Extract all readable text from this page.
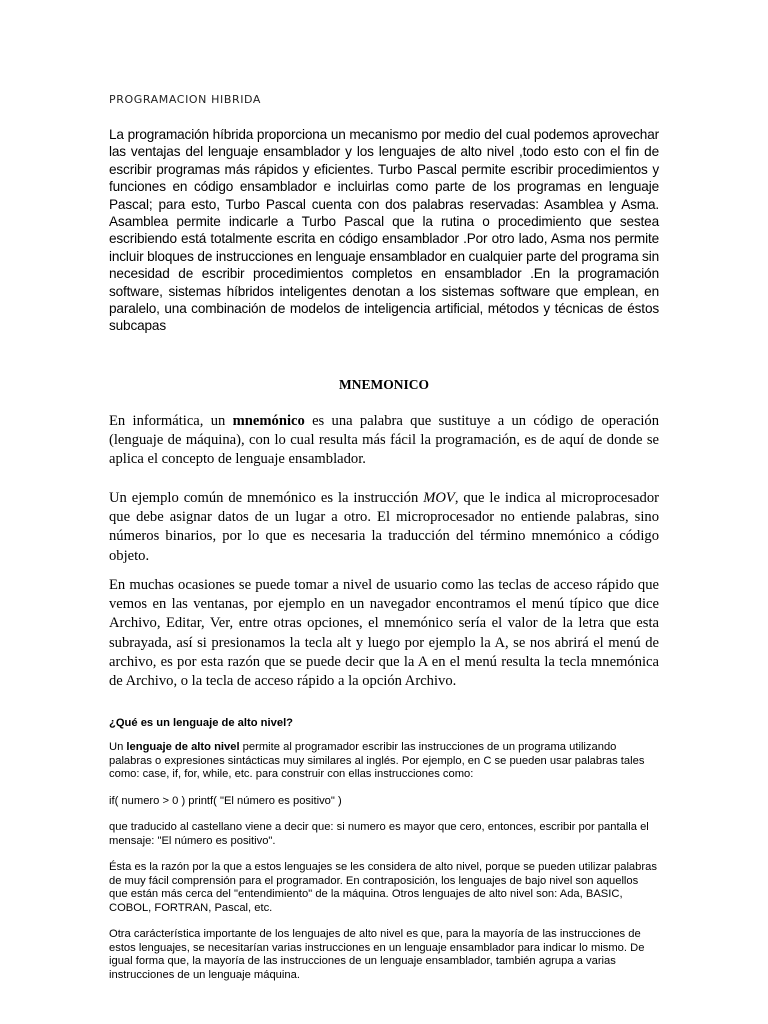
PROGRAMACION HIBRIDA

La programación híbrida proporciona un mecanismo por medio del cual podemos aprovechar las ventajas del lenguaje ensamblador y los lenguajes de alto nivel ,todo esto con el fin de escribir programas más rápidos y eficientes. Turbo Pascal permite escribir procedimientos y funciones en código ensamblador e incluirlas como parte de los programas en lenguaje Pascal; para esto, Turbo Pascal cuenta con dos palabras reservadas: Asamblea y Asma. Asamblea permite indicarle a Turbo Pascal que la rutina o procedimiento que sestea escribiendo está totalmente escrita en código ensamblador .Por otro lado, Asma nos permite incluir bloques de instrucciones en lenguaje ensamblador en cualquier parte del programa sin necesidad de escribir procedimientos completos en ensamblador .En la programación software, sistemas híbridos inteligentes denotan a los sistemas software que emplean, en paralelo, una combinación de modelos de inteligencia artificial, métodos y técnicas de éstos subcapas

MNEMONICO

En informática, un mnemónico es una palabra que sustituye a un código de operación (lenguaje de máquina), con lo cual resulta más fácil la programación, es de aquí de donde se aplica el concepto de lenguaje ensamblador.

Un ejemplo común de mnemónico es la instrucción MOV, que le indica al microprocesador que debe asignar datos de un lugar a otro. El microprocesador no entiende palabras, sino números binarios, por lo que es necesaria la traducción del término mnemónico a código objeto.

En muchas ocasiones se puede tomar a nivel de usuario como las teclas de acceso rápido que vemos en las ventanas, por ejemplo en un navegador encontramos el menú típico que dice Archivo, Editar, Ver, entre otras opciones, el mnemónico sería el valor de la letra que esta subrayada, así si presionamos la tecla alt y luego por ejemplo la A, se nos abrirá el menú de archivo, es por esta razón que se puede decir que la A en el menú resulta la tecla mnemónica de Archivo, o la tecla de acceso rápido a la opción Archivo.

¿Qué es un lenguaje de alto nivel?

Un lenguaje de alto nivel permite al programador escribir las instrucciones de un programa utilizando palabras o expresiones sintácticas muy similares al inglés. Por ejemplo, en C se pueden usar palabras tales como: case, if, for, while, etc. para construir con ellas instrucciones como:

if( numero > 0 ) printf( "El número es positivo" )

que traducido al castellano viene a decir que: si numero es mayor que cero, entonces, escribir por pantalla el mensaje: "El número es positivo".

Ésta es la razón por la que a estos lenguajes se les considera de alto nivel, porque se pueden utilizar palabras de muy fácil comprensión para el programador. En contraposición, los lenguajes de bajo nivel son aquellos que están más cerca del "entendimiento" de la máquina. Otros lenguajes de alto nivel son: Ada, BASIC, COBOL, FORTRAN, Pascal, etc.

Otra carácterística importante de los lenguajes de alto nivel es que, para la mayoría de las instrucciones de estos lenguajes, se necesitarían varias instrucciones en un lenguaje ensamblador para indicar lo mismo. De igual forma que, la mayoría de las instrucciones de un lenguaje ensamblador, también agrupa a varias instrucciones de un lenguaje máquina.
